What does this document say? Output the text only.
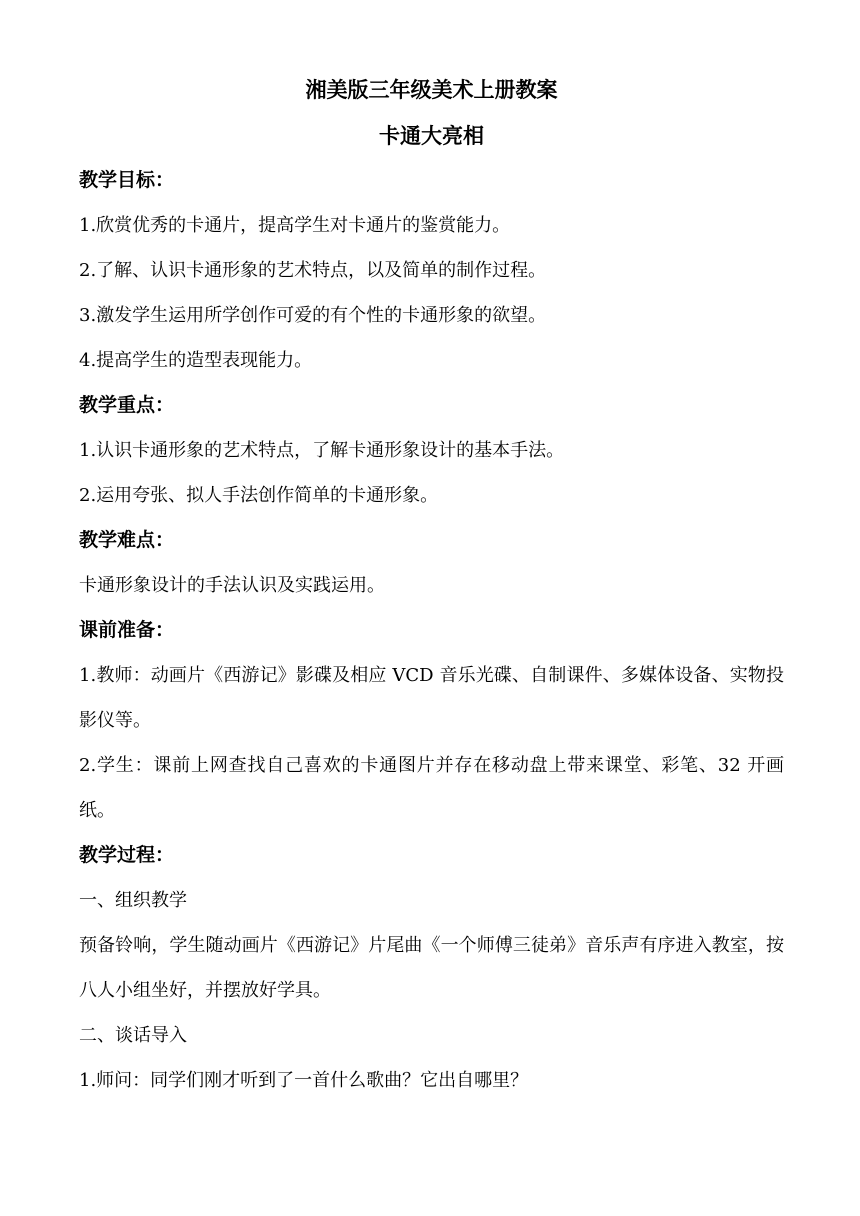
湘美版三年级美术上册教案
卡通大亮相
教学目标：

1.欣赏优秀的卡通片，提高学生对卡通片的鉴赏能力。

2.了解、认识卡通形象的艺术特点，以及简单的制作过程。

3.激发学生运用所学创作可爱的有个性的卡通形象的欲望。

4.提高学生的造型表现能力。

教学重点：

1.认识卡通形象的艺术特点，了解卡通形象设计的基本手法。

2.运用夸张、拟人手法创作简单的卡通形象。

教学难点：

卡通形象设计的手法认识及实践运用。

课前准备：

1.教师：动画片《西游记》影碟及相应 VCD 音乐光碟、自制课件、多媒体设备、实物投影仪等。

2.学生：课前上网查找自己喜欢的卡通图片并存在移动盘上带来课堂、彩笔、32 开画纸。

教学过程：

一、组织教学

预备铃响，学生随动画片《西游记》片尾曲《一个师傅三徒弟》音乐声有序进入教室，按八人小组坐好，并摆放好学具。

二、谈话导入

1.师问：同学们刚才听到了一首什么歌曲？它出自哪里？
